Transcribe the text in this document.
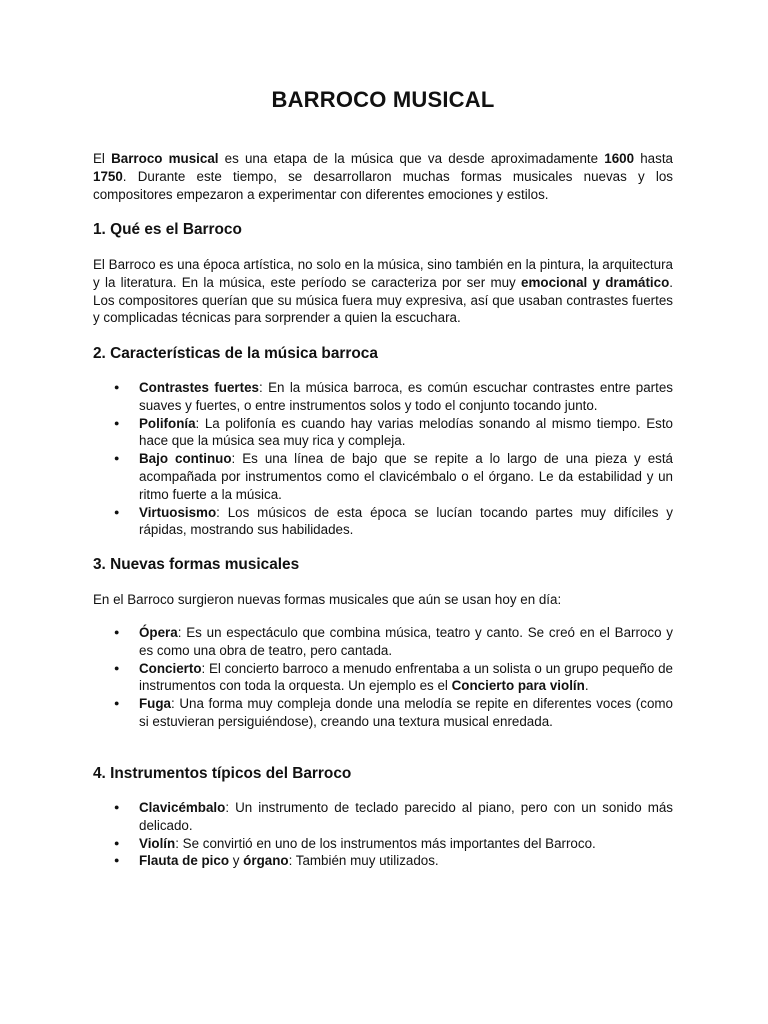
BARROCO MUSICAL

El Barroco musical es una etapa de la música que va desde aproximadamente 1600 hasta 1750. Durante este tiempo, se desarrollaron muchas formas musicales nuevas y los compositores empezaron a experimentar con diferentes emociones y estilos.

1. Qué es el Barroco

El Barroco es una época artística, no solo en la música, sino también en la pintura, la arquitectura y la literatura. En la música, este período se caracteriza por ser muy emocional y dramático. Los compositores querían que su música fuera muy expresiva, así que usaban contrastes fuertes y complicadas técnicas para sorprender a quien la escuchara.

2. Características de la música barroca
● Contrastes fuertes: En la música barroca, es común escuchar contrastes entre partes suaves y fuertes, o entre instrumentos solos y todo el conjunto tocando junto.
● Polifonía: La polifonía es cuando hay varias melodías sonando al mismo tiempo. Esto hace que la música sea muy rica y compleja.
● Bajo continuo: Es una línea de bajo que se repite a lo largo de una pieza y está acompañada por instrumentos como el clavicémbalo o el órgano. Le da estabilidad y un ritmo fuerte a la música.
● Virtuosismo: Los músicos de esta época se lucían tocando partes muy difíciles y rápidas, mostrando sus habilidades.
3. Nuevas formas musicales

En el Barroco surgieron nuevas formas musicales que aún se usan hoy en día:

● Ópera: Es un espectáculo que combina música, teatro y canto. Se creó en el Barroco y es como una obra de teatro, pero cantada.
● Concierto: El concierto barroco a menudo enfrentaba a un solista o un grupo pequeño de instrumentos con toda la orquesta. Un ejemplo es el Concierto para violín.
● Fuga: Una forma muy compleja donde una melodía se repite en diferentes voces (como si estuvieran persiguiéndose), creando una textura musical enredada.
4. Instrumentos típicos del Barroco
● Clavicémbalo: Un instrumento de teclado parecido al piano, pero con un sonido más delicado.
● Violín: Se convirtió en uno de los instrumentos más importantes del Barroco.
● Flauta de pico y órgano: También muy utilizados.
